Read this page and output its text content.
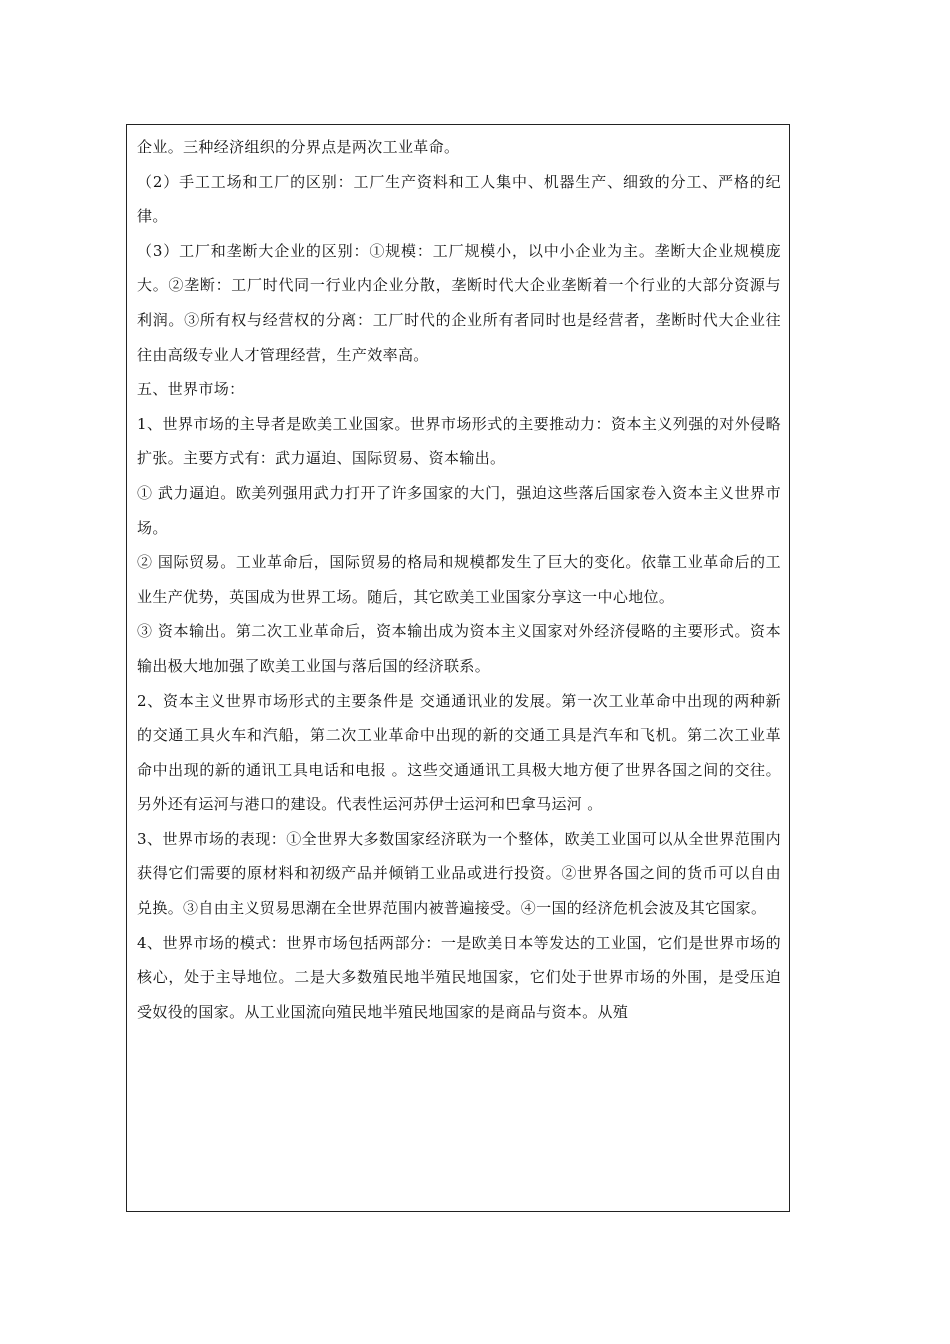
企业。三种经济组织的分界点是两次工业革命。

（2）手工工场和工厂的区别：工厂生产资料和工人集中、机器生产、细致的分工、严格的纪律。

（3）工厂和垄断大企业的区别：①规模：工厂规模小，以中小企业为主。垄断大企业规模庞大。②垄断：工厂时代同一行业内企业分散，垄断时代大企业垄断着一个行业的大部分资源与利润。③所有权与经营权的分离：工厂时代的企业所有者同时也是经营者，垄断时代大企业往往由高级专业人才管理经营，生产效率高。

五、世界市场：

1、世界市场的主导者是欧美工业国家。世界市场形式的主要推动力：资本主义列强的对外侵略扩张。主要方式有：武力逼迫、国际贸易、资本输出。

① 武力逼迫。欧美列强用武力打开了许多国家的大门，强迫这些落后国家卷入资本主义世界市场。

② 国际贸易。工业革命后，国际贸易的格局和规模都发生了巨大的变化。依靠工业革命后的工业生产优势，英国成为世界工场。随后，其它欧美工业国家分享这一中心地位。

③ 资本输出。第二次工业革命后，资本输出成为资本主义国家对外经济侵略的主要形式。资本输出极大地加强了欧美工业国与落后国的经济联系。

2、资本主义世界市场形式的主要条件是 交通通讯业的发展。第一次工业革命中出现的两种新的交通工具火车和汽船，第二次工业革命中出现的新的交通工具是汽车和飞机。第二次工业革命中出现的新的通讯工具电话和电报 。这些交通通讯工具极大地方便了世界各国之间的交往。另外还有运河与港口的建设。代表性运河苏伊士运河和巴拿马运河 。

3、世界市场的表现：①全世界大多数国家经济联为一个整体，欧美工业国可以从全世界范围内获得它们需要的原材料和初级产品并倾销工业品或进行投资。②世界各国之间的货币可以自由兑换。③自由主义贸易思潮在全世界范围内被普遍接受。④一国的经济危机会波及其它国家。

4、世界市场的模式：世界市场包括两部分：一是欧美日本等发达的工业国，它们是世界市场的核心，处于主导地位。二是大多数殖民地半殖民地国家，它们处于世界市场的外围，是受压迫受奴役的国家。从工业国流向殖民地半殖民地国家的是商品与资本。从殖
